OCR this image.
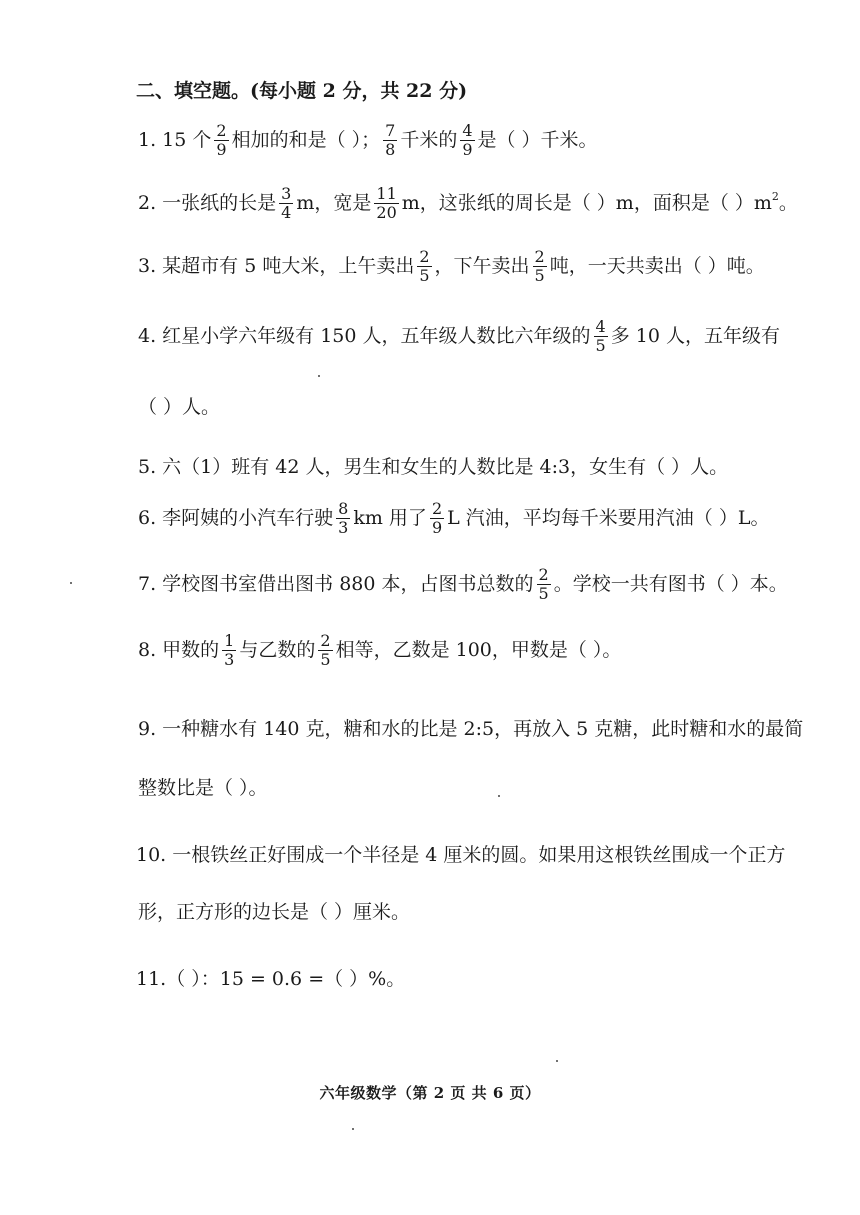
二、填空题。(每小题 2 分，共 22 分)
1. 15 个 $\frac{2}{9}$ 相加的和是（ ）； $\frac{7}{8}$ 千米的 $\frac{4}{9}$ 是（ ）千米。
2. 一张纸的长是 $\frac{3}{4}$ m，宽是 $\frac{11}{20}$ m，这张纸的周长是（ ）m，面积是（ ）m 2 。
3. 某超市有 5 吨大米，上午卖出 $\frac{2}{5}$ ，下午卖出 $\frac{2}{5}$ 吨，一天共卖出（ ）吨。
4. 红星小学六年级有 150 人，五年级人数比六年级的 $\frac{4}{5}$ 多 10 人，五年级有
（ ）人。
5. 六（1）班有 42 人，男生和女生的人数比是 4:3，女生有（ ）人。
6. 李阿姨的小汽车行驶 $\frac{8}{3}$ km 用了 $\frac{2}{9}$ L 汽油，平均每千米要用汽油（ ）L。
7. 学校图书室借出图书 880 本，占图书总数的 $\frac{2}{5}$ 。学校一共有图书（ ）本。
8. 甲数的 $\frac{1}{3}$ 与乙数的 $\frac{2}{5}$ 相等，乙数是 100，甲数是（ ）。
9. 一种糖水有 140 克，糖和水的比是 2:5，再放入 5 克糖，此时糖和水的最简
整数比是（ ）。
10. 一根铁丝正好围成一个半径是 4 厘米的圆。如果用这根铁丝围成一个正方
形，正方形的边长是（ ）厘米。
11.（ ）：15 = 0.6 =（ ）%。
六年级数学（第 2 页 共 6 页）
